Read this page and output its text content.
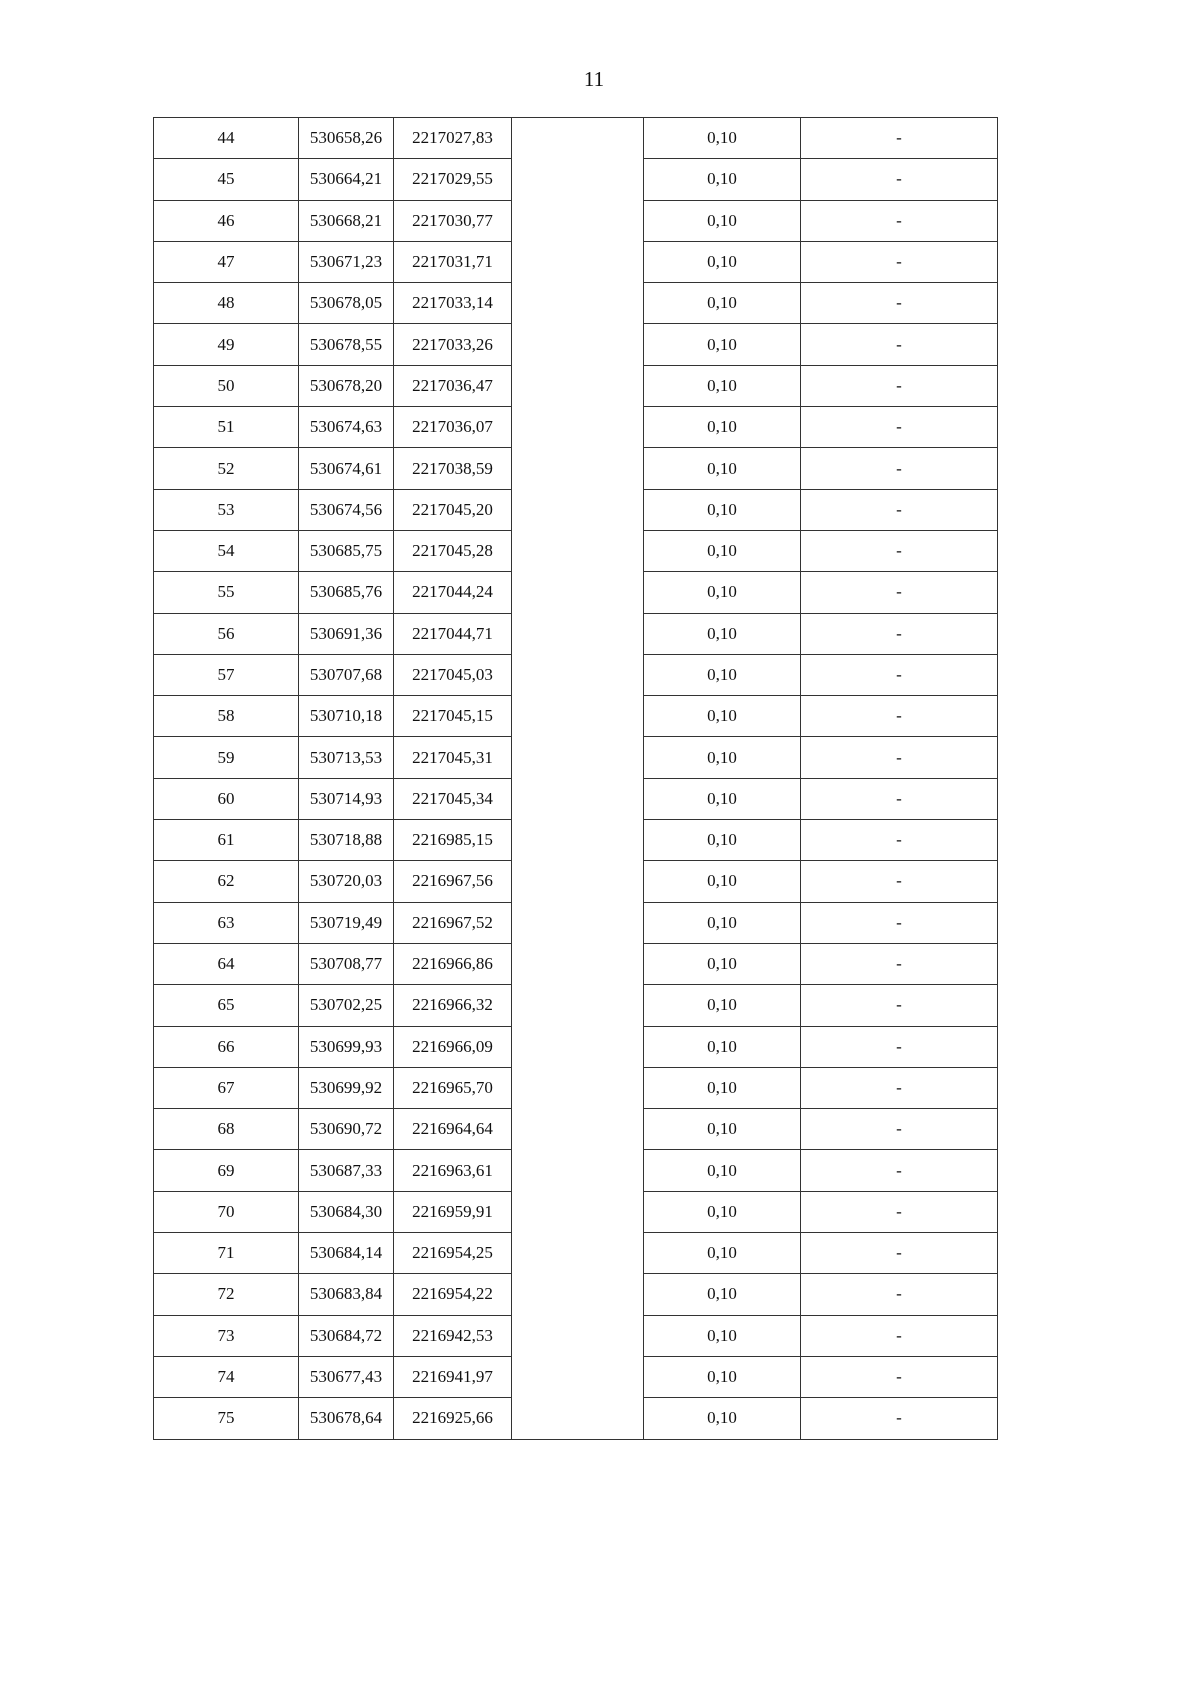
11
44	530658,26	2217027,83		0,10	-
45	530664,21	2217029,55		0,10	-
46	530668,21	2217030,77		0,10	-
47	530671,23	2217031,71		0,10	-
48	530678,05	2217033,14		0,10	-
49	530678,55	2217033,26		0,10	-
50	530678,20	2217036,47		0,10	-
51	530674,63	2217036,07		0,10	-
52	530674,61	2217038,59		0,10	-
53	530674,56	2217045,20		0,10	-
54	530685,75	2217045,28		0,10	-
55	530685,76	2217044,24		0,10	-
56	530691,36	2217044,71		0,10	-
57	530707,68	2217045,03		0,10	-
58	530710,18	2217045,15		0,10	-
59	530713,53	2217045,31		0,10	-
60	530714,93	2217045,34		0,10	-
61	530718,88	2216985,15		0,10	-
62	530720,03	2216967,56		0,10	-
63	530719,49	2216967,52		0,10	-
64	530708,77	2216966,86		0,10	-
65	530702,25	2216966,32		0,10	-
66	530699,93	2216966,09		0,10	-
67	530699,92	2216965,70		0,10	-
68	530690,72	2216964,64		0,10	-
69	530687,33	2216963,61		0,10	-
70	530684,30	2216959,91		0,10	-
71	530684,14	2216954,25		0,10	-
72	530683,84	2216954,22		0,10	-
73	530684,72	2216942,53		0,10	-
74	530677,43	2216941,97		0,10	-
75	530678,64	2216925,66		0,10	-
